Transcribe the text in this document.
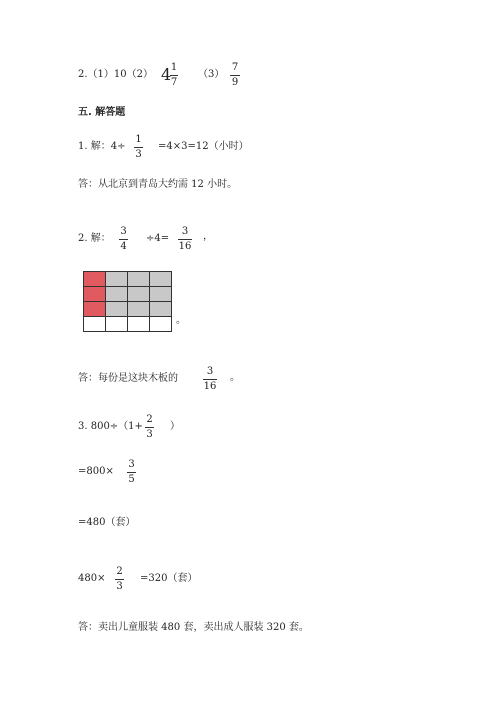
2.（1）10（2） 4 1
7
（3）
7
9
五. 解答题
1. 解：4÷
1
3
=4×3=12（小时）
答：从北京到青岛大约需 12 小时。
2. 解：
3
4
÷4=
3
16
，

。
答：每份是这块木板的
3
16
。
3. 800÷（1+
2
3
）
=800×
3
5
=480（套）
480×
2
3
=320（套）
答：卖出儿童服装 480 套，卖出成人服装 320 套。
